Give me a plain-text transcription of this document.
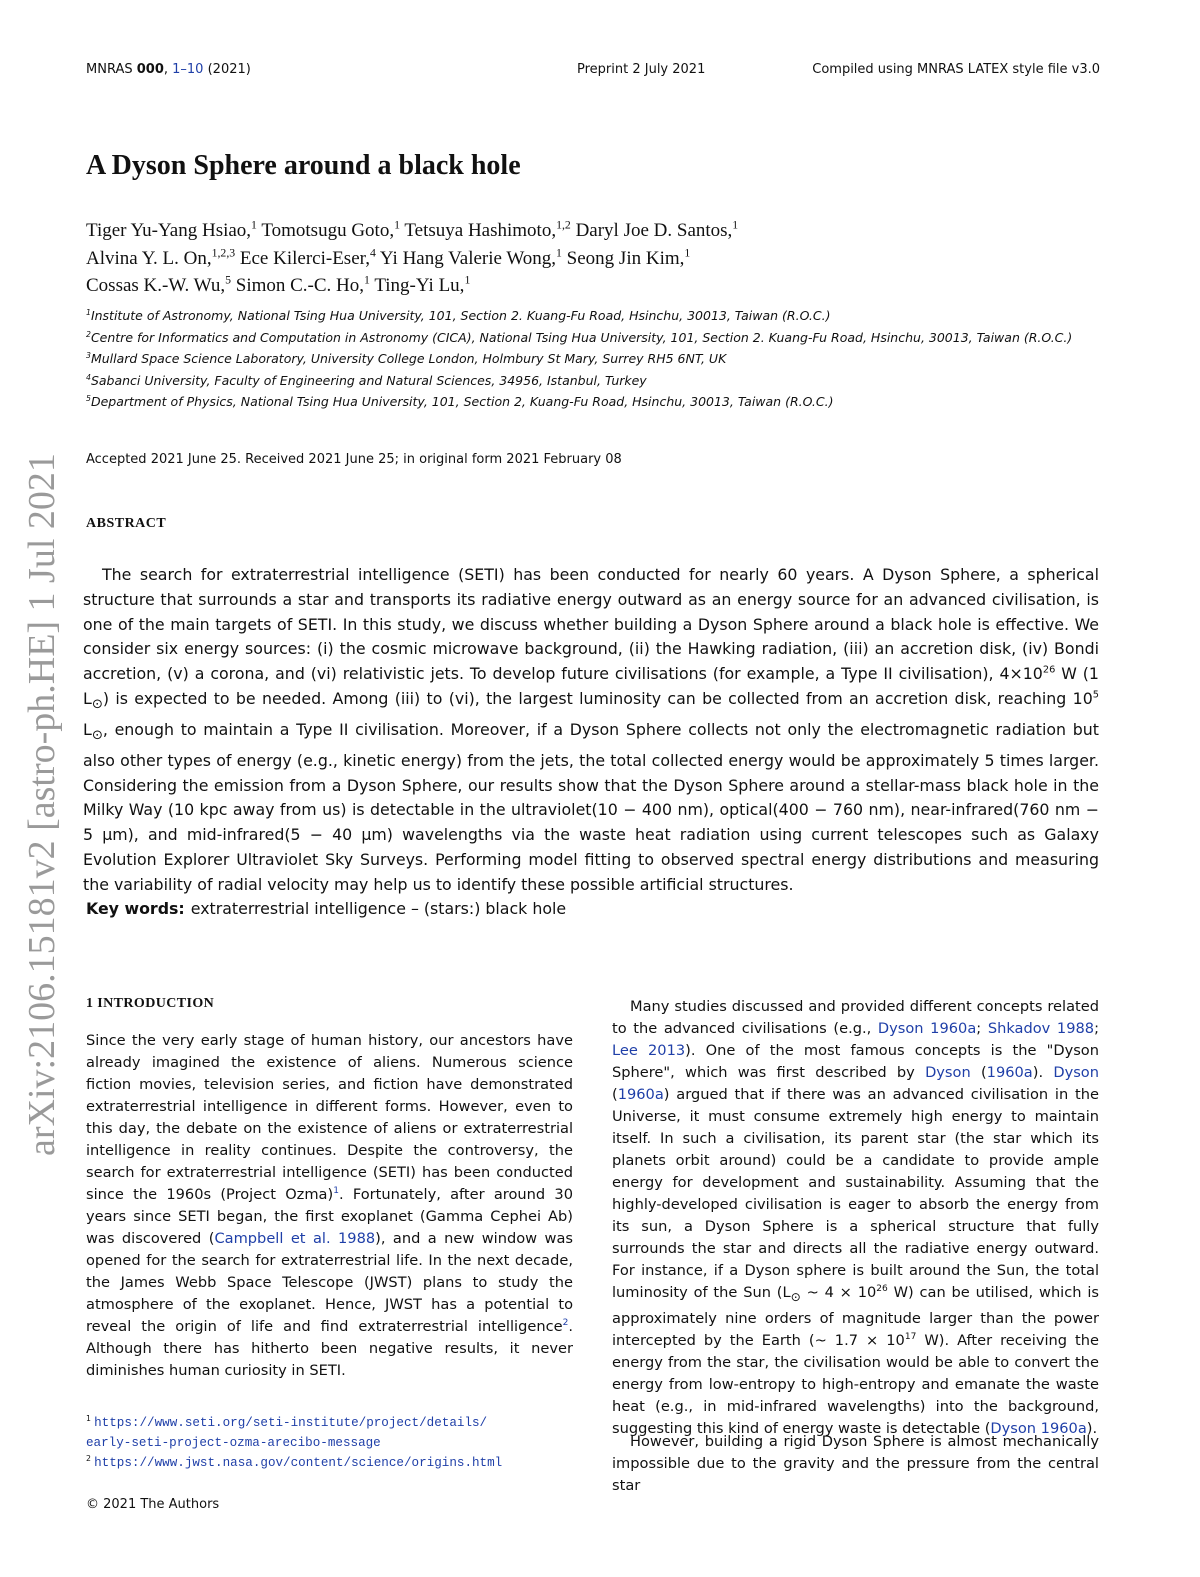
MNRAS 000, 1–10 (2021)	Preprint 2 July 2021	Compiled using MNRAS LATEX style file v3.0
A Dyson Sphere around a black hole
Tiger Yu-Yang Hsiao,$^1$ Tomotsugu Goto,$^1$ Tetsuya Hashimoto,$^{1,2}$ Daryl Joe D. Santos,$^1$
Alvina Y. L. On,$^{1,2,3}$ Ece Kilerci-Eser,$^4$ Yi Hang Valerie Wong,$^1$ Seong Jin Kim,$^1$
Cossas K.-W. Wu,$^5$ Simon C.-C. Ho,$^1$ Ting-Yi Lu,$^1$
$^1$Institute of Astronomy, National Tsing Hua University, 101, Section 2. Kuang-Fu Road, Hsinchu, 30013, Taiwan (R.O.C.)
$^2$Centre for Informatics and Computation in Astronomy (CICA), National Tsing Hua University, 101, Section 2. Kuang-Fu Road, Hsinchu, 30013, Taiwan (R.O.C.)
$^3$Mullard Space Science Laboratory, University College London, Holmbury St Mary, Surrey RH5 6NT, UK
$^4$Sabanci University, Faculty of Engineering and Natural Sciences, 34956, Istanbul, Turkey
$^5$Department of Physics, National Tsing Hua University, 101, Section 2, Kuang-Fu Road, Hsinchu, 30013, Taiwan (R.O.C.)
Accepted 2021 June 25. Received 2021 June 25; in original form 2021 February 08
ABSTRACT

The search for extraterrestrial intelligence (SETI) has been conducted for nearly 60 years. A Dyson Sphere, a spherical structure that surrounds a star and transports its radiative energy outward as an energy source for an advanced civilisation, is one of the main targets of SETI. In this study, we discuss whether building a Dyson Sphere around a black hole is effective. We consider six energy sources: (i) the cosmic microwave background, (ii) the Hawking radiation, (iii) an accretion disk, (iv) Bondi accretion, (v) a corona, and (vi) relativistic jets. To develop future civilisations (for example, a Type II civilisation), $4\times 10^{26}$ W (1 $L_⊙$) is expected to be needed. Among (iii) to (vi), the largest luminosity can be collected from an accretion disk, reaching $10^5$ $L_⊙$, enough to maintain a Type II civilisation. Moreover, if a Dyson Sphere collects not only the electromagnetic radiation but also other types of energy (e.g., kinetic energy) from the jets, the total collected energy would be approximately 5 times larger. Considering the emission from a Dyson Sphere, our results show that the Dyson Sphere around a stellar-mass black hole in the Milky Way (10 kpc away from us) is detectable in the ultraviolet(10 − 400 nm), optical(400 − 760 nm), near-infrared(760 nm − 5 μm), and mid-infrared(5 − 40 μm) wavelengths via the waste heat radiation using current telescopes such as Galaxy Evolution Explorer Ultraviolet Sky Surveys. Performing model fitting to observed spectral energy distributions and measuring the variability of radial velocity may help us to identify these possible artificial structures.

Key words: extraterrestrial intelligence – (stars:) black hole
arXiv:2106.15181v2 [astro-ph.HE] 1 Jul 2021	1 INTRODUCTION

Since the very early stage of human history, our ancestors have already imagined the existence of aliens. Numerous science fiction movies, television series, and fiction have demonstrated extraterrestrial intelligence in different forms. However, even to this day, the debate on the existence of aliens or extraterrestrial intelligence in reality continues. Despite the controversy, the search for extraterrestrial intelligence (SETI) has been conducted since the 1960s (Project Ozma)$^1$. Fortunately, after around 30 years since SETI began, the first exoplanet (Gamma Cephei Ab) was discovered (Campbell et al. 1988), and a new window was opened for the search for extraterrestrial life. In the next decade, the James Webb Space Telescope (JWST) plans to study the atmosphere of the exoplanet. Hence, JWST has a potential to reveal the origin of life and find extraterrestrial intelligence$^2$. Although there has hitherto been negative results, it never diminishes human curiosity in SETI.

Many studies discussed and provided different concepts related to the advanced civilisations (e.g., Dyson 1960a; Shkadov 1988; Lee 2013). One of the most famous concepts is the "Dyson Sphere", which was first described by Dyson (1960a). Dyson (1960a) argued that if there was an advanced civilisation in the Universe, it must consume extremely high energy to maintain itself. In such a civilisation, its parent star (the star which its planets orbit around) could be a candidate to provide ample energy for development and sustainability. Assuming that the highly-developed civilisation is eager to absorb the energy from its sun, a Dyson Sphere is a spherical structure that fully surrounds the star and directs all the radiative energy outward. For instance, if a Dyson sphere is built around the Sun, the total luminosity of the Sun ($L_⊙$ ∼ $4 \times 10^{26}$ W) can be utilised, which is approximately nine orders of magnitude larger than the power intercepted by the Earth (∼ $1.7 \times 10^{17}$ W). After receiving the energy from the star, the civilisation would be able to convert the energy from low-entropy to high-entropy and emanate the waste heat (e.g., in mid-infrared wavelengths) into the background, suggesting this kind of energy waste is detectable (Dyson 1960a).

However, building a rigid Dyson Sphere is almost mechanically impossible due to the gravity and the pressure from the central star

$^1$ https://www.seti.org/seti-institute/project/details/
early-seti-project-ozma-arecibo-message
$^2$ https://www.jwst.nasa.gov/content/science/origins.html
© 2021 The Authors
